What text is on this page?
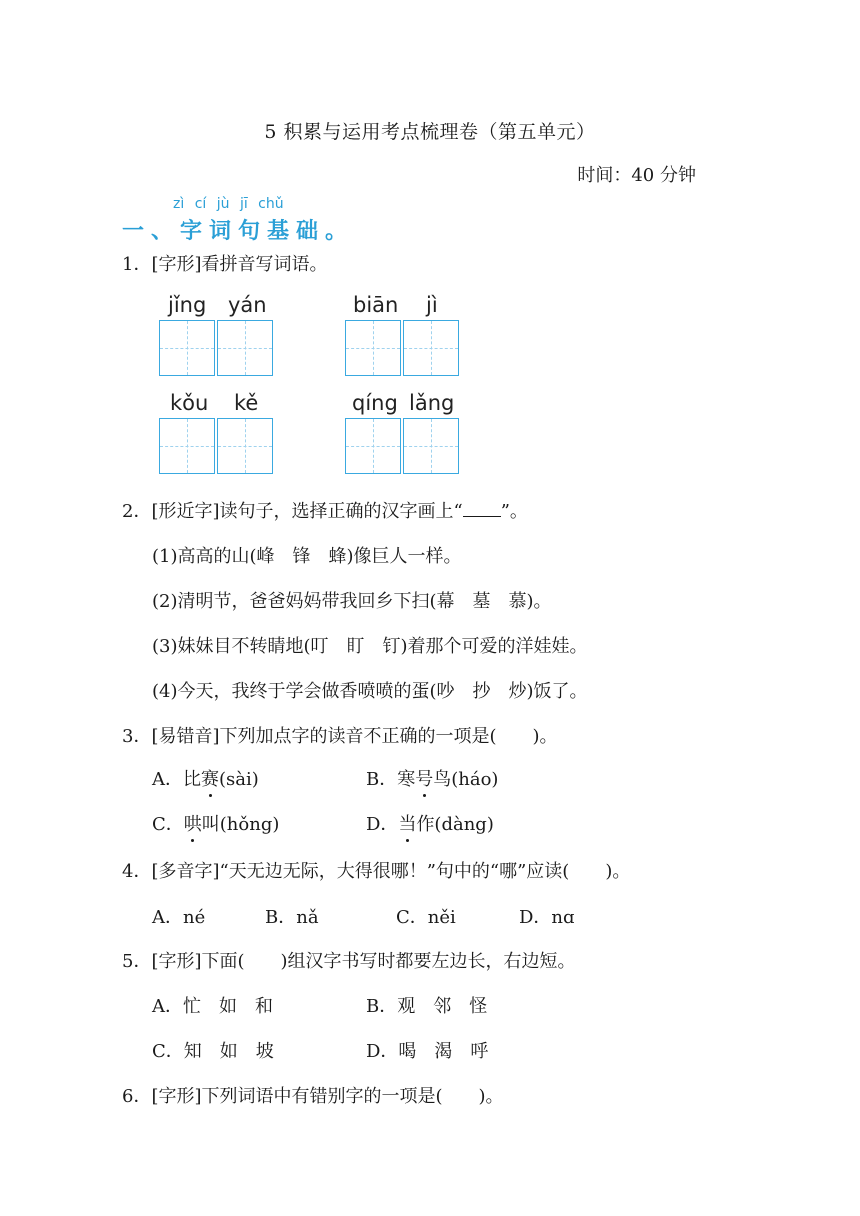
5 积累与运用考点梳理卷（第五单元）
时间：40 分钟
zì cí jù jī chǔ
一、字词句基础。
1．[字形]看拼音写词语。
jǐng yán	biān jì
kǒu kě	qíng lǎng
2．[形近字]读句子，选择正确的汉字画上“ ”。
(1)高高的山(峰　锋　蜂)像巨人一样。
(2)清明节，爸爸妈妈带我回乡下扫(幕　墓　慕)。
(3)妹妹目不转睛地(叮　盯　钉)着那个可爱的洋娃娃。
(4)今天，我终于学会做香喷喷的蛋(吵　抄　炒)饭了。
3．[易错音]下列加点字的读音不正确的一项是(　　)。
A．比赛(sài)	B．寒号鸟(háo)
C．哄叫(hǒng)	D．当作(dàng)
4．[多音字]“天无边无际，大得很哪！”句中的“哪”应读(　　)。
A．né	B．nǎ	C．něi	D．nɑ
5．[字形]下面(　　)组汉字书写时都要左边长，右边短。
A．忙　如　和	B．观　邻　怪
C．知　如　坡	D．喝　渴　呼
6．[字形]下列词语中有错别字的一项是(　　)。
